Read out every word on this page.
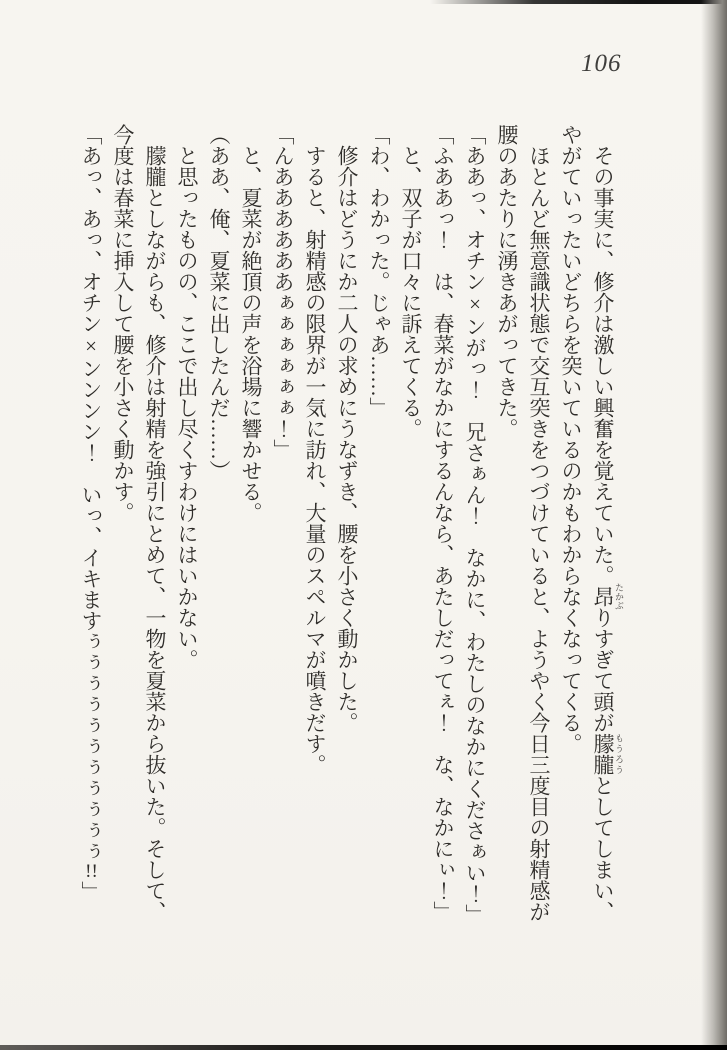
106

その事実に、修介は激しい興奮を覚えていた。昂 たかぶりすぎて頭が朦朧 もうろうとしてしまい、やがていったいどちらを突いているのかもわからなくなってくる。

ほとんど無意識状態で交互突きをつづけていると、ようやく今日三度目の射精感が腰のあたりに湧きあがってきた。

「ああっ、オチン×ンがっ！　兄さぁん！　なかに、わたしのなかにくださぁい！」

「ふああっ！　は、春菜がなかにするんなら、あたしだってぇ！　な、なかにぃ！」

と、双子が口々に訴えてくる。

「わ、わかった。じゃあ……」

修介はどうにか二人の求めにうなずき、腰を小さく動かした。

すると、射精感の限界が一気に訪れ、大量のスペルマが噴きだす。

「んああああああぁぁぁぁぁぁ！」

と、夏菜が絶頂の声を浴場に響かせる。

（ああ、俺、夏菜に出したんだ……）

と思ったものの、ここで出し尽くすわけにはいかない。

朦朧としながらも、修介は射精を強引にとめて、一物を夏菜から抜いた。そして、今度は春菜に挿入して腰を小さく動かす。

「あっ、あっ、オチン×ンンンン！　いっ、イキますぅぅぅぅぅぅぅぅぅぅぅ!!」
